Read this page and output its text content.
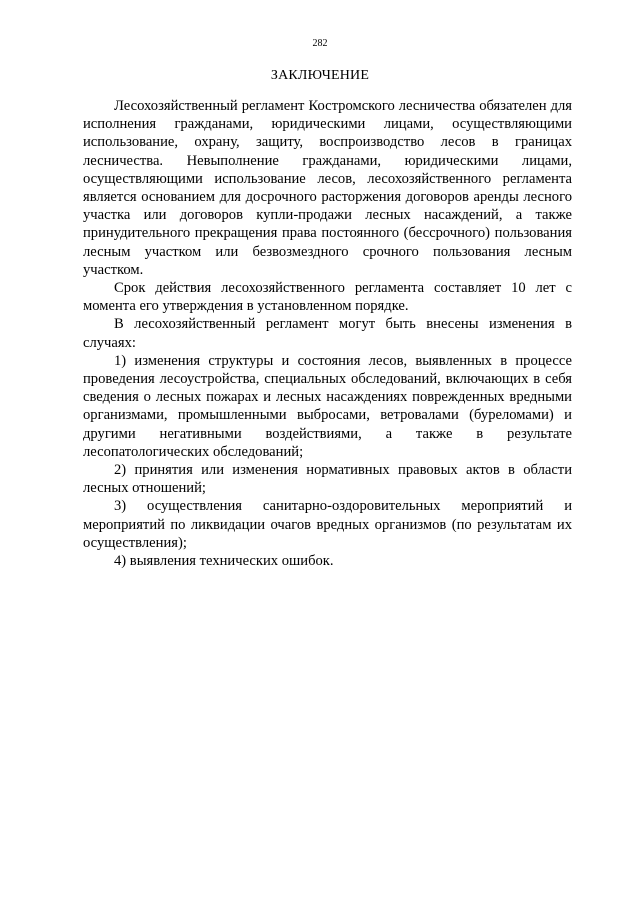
282
ЗАКЛЮЧЕНИЕ

Лесохозяйственный регламент Костромского лесничества обязателен для исполнения гражданами, юридическими лицами, осуществляющими использование, охрану, защиту, воспроизводство лесов в границах лесничества. Невыполнение гражданами, юридическими лицами, осуществляющими использование лесов, лесохозяйственного регламента является основанием для досрочного расторжения договоров аренды лесного участка или договоров купли-продажи лесных насаждений, а также принудительного прекращения права постоянного (бессрочного) пользования лесным участком или безвозмездного срочного пользования лесным участком.

Срок действия лесохозяйственного регламента составляет 10 лет с момента его утверждения в установленном порядке.

В лесохозяйственный регламент могут быть внесены изменения в случаях:

1) изменения структуры и состояния лесов, выявленных в процессе проведения лесоустройства, специальных обследований, включающих в себя сведения о лесных пожарах и лесных насаждениях поврежденных вредными организмами, промышленными выбросами, ветровалами (буреломами) и другими негативными воздействиями, а также в результате лесопатологических обследований;

2) принятия или изменения нормативных правовых актов в области лесных отношений;

3) осуществления санитарно-оздоровительных мероприятий и мероприятий по ликвидации очагов вредных организмов (по результатам их осуществления);

4) выявления технических ошибок.
